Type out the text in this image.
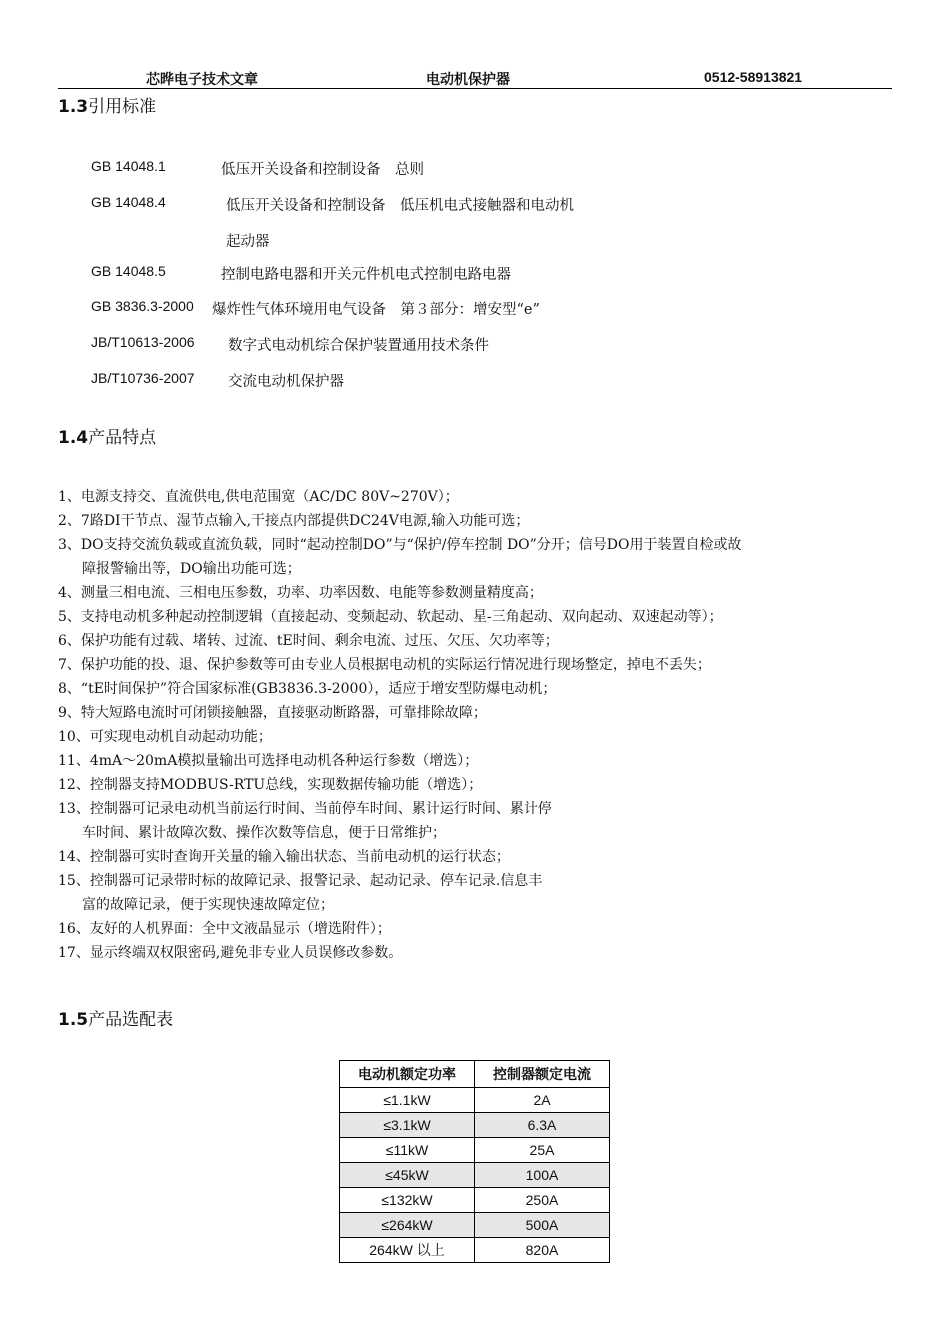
芯晔电子技术文章	电动机保护器	0512-58913821
1.3引用标准
GB 14048.1	低压开关设备和控制设备　总则
GB 14048.4	低压开关设备和控制设备　低压机电式接触器和电动机
起动器
GB 14048.5	控制电路电器和开关元件机电式控制电路电器
GB 3836.3-2000 爆炸性气体环境用电气设备　第３部分：增安型“e”
JB/T10613-2006 数字式电动机综合保护装置通用技术条件
JB/T10736-2007 交流电动机保护器
1.4产品特点
1、电源支持交、直流供电,供电范围宽（AC/DC 80V~270V）；
2、7路DI干节点、湿节点输入,干接点内部提供DC24V电源,输入功能可选；
3、DO支持交流负载或直流负载，同时“起动控制DO”与“保护/停车控制 DO”分开；信号DO用于装置自检或故
障报警输出等，DO输出功能可选；
4、测量三相电流、三相电压参数，功率、功率因数、电能等参数测量精度高；
5、支持电动机多种起动控制逻辑（直接起动、变频起动、软起动、星-三角起动、双向起动、双速起动等）；
6、保护功能有过载、堵转、过流、tE时间、剩余电流、过压、欠压、欠功率等；
7、保护功能的投、退、保护参数等可由专业人员根据电动机的实际运行情况进行现场整定，掉电不丢失；
8、“tE时间保护”符合国家标准(GB3836.3-2000），适应于增安型防爆电动机；
9、特大短路电流时可闭锁接触器，直接驱动断路器，可靠排除故障；
10、可实现电动机自动起动功能；
11、4mA～20mA模拟量输出可选择电动机各种运行参数（增选）；
12、控制器支持MODBUS-RTU总线，实现数据传输功能（增选）；
13、控制器可记录电动机当前运行时间、当前停车时间、累计运行时间、累计停
车时间、累计故障次数、操作次数等信息，便于日常维护；
14、控制器可实时查询开关量的输入输出状态、当前电动机的运行状态；
15、控制器可记录带时标的故障记录、报警记录、起动记录、停车记录.信息丰
富的故障记录，便于实现快速故障定位；
16、友好的人机界面：全中文液晶显示（增选附件）；
17、显示终端双权限密码,避免非专业人员误修改参数。
1.5产品选配表
电动机额定功率	控制器额定电流
≤1.1kW	2A
≤3.1kW	6.3A
≤11kW	25A
≤45kW	100A
≤132kW	250A
≤264kW	500A
264kW 以上	820A
